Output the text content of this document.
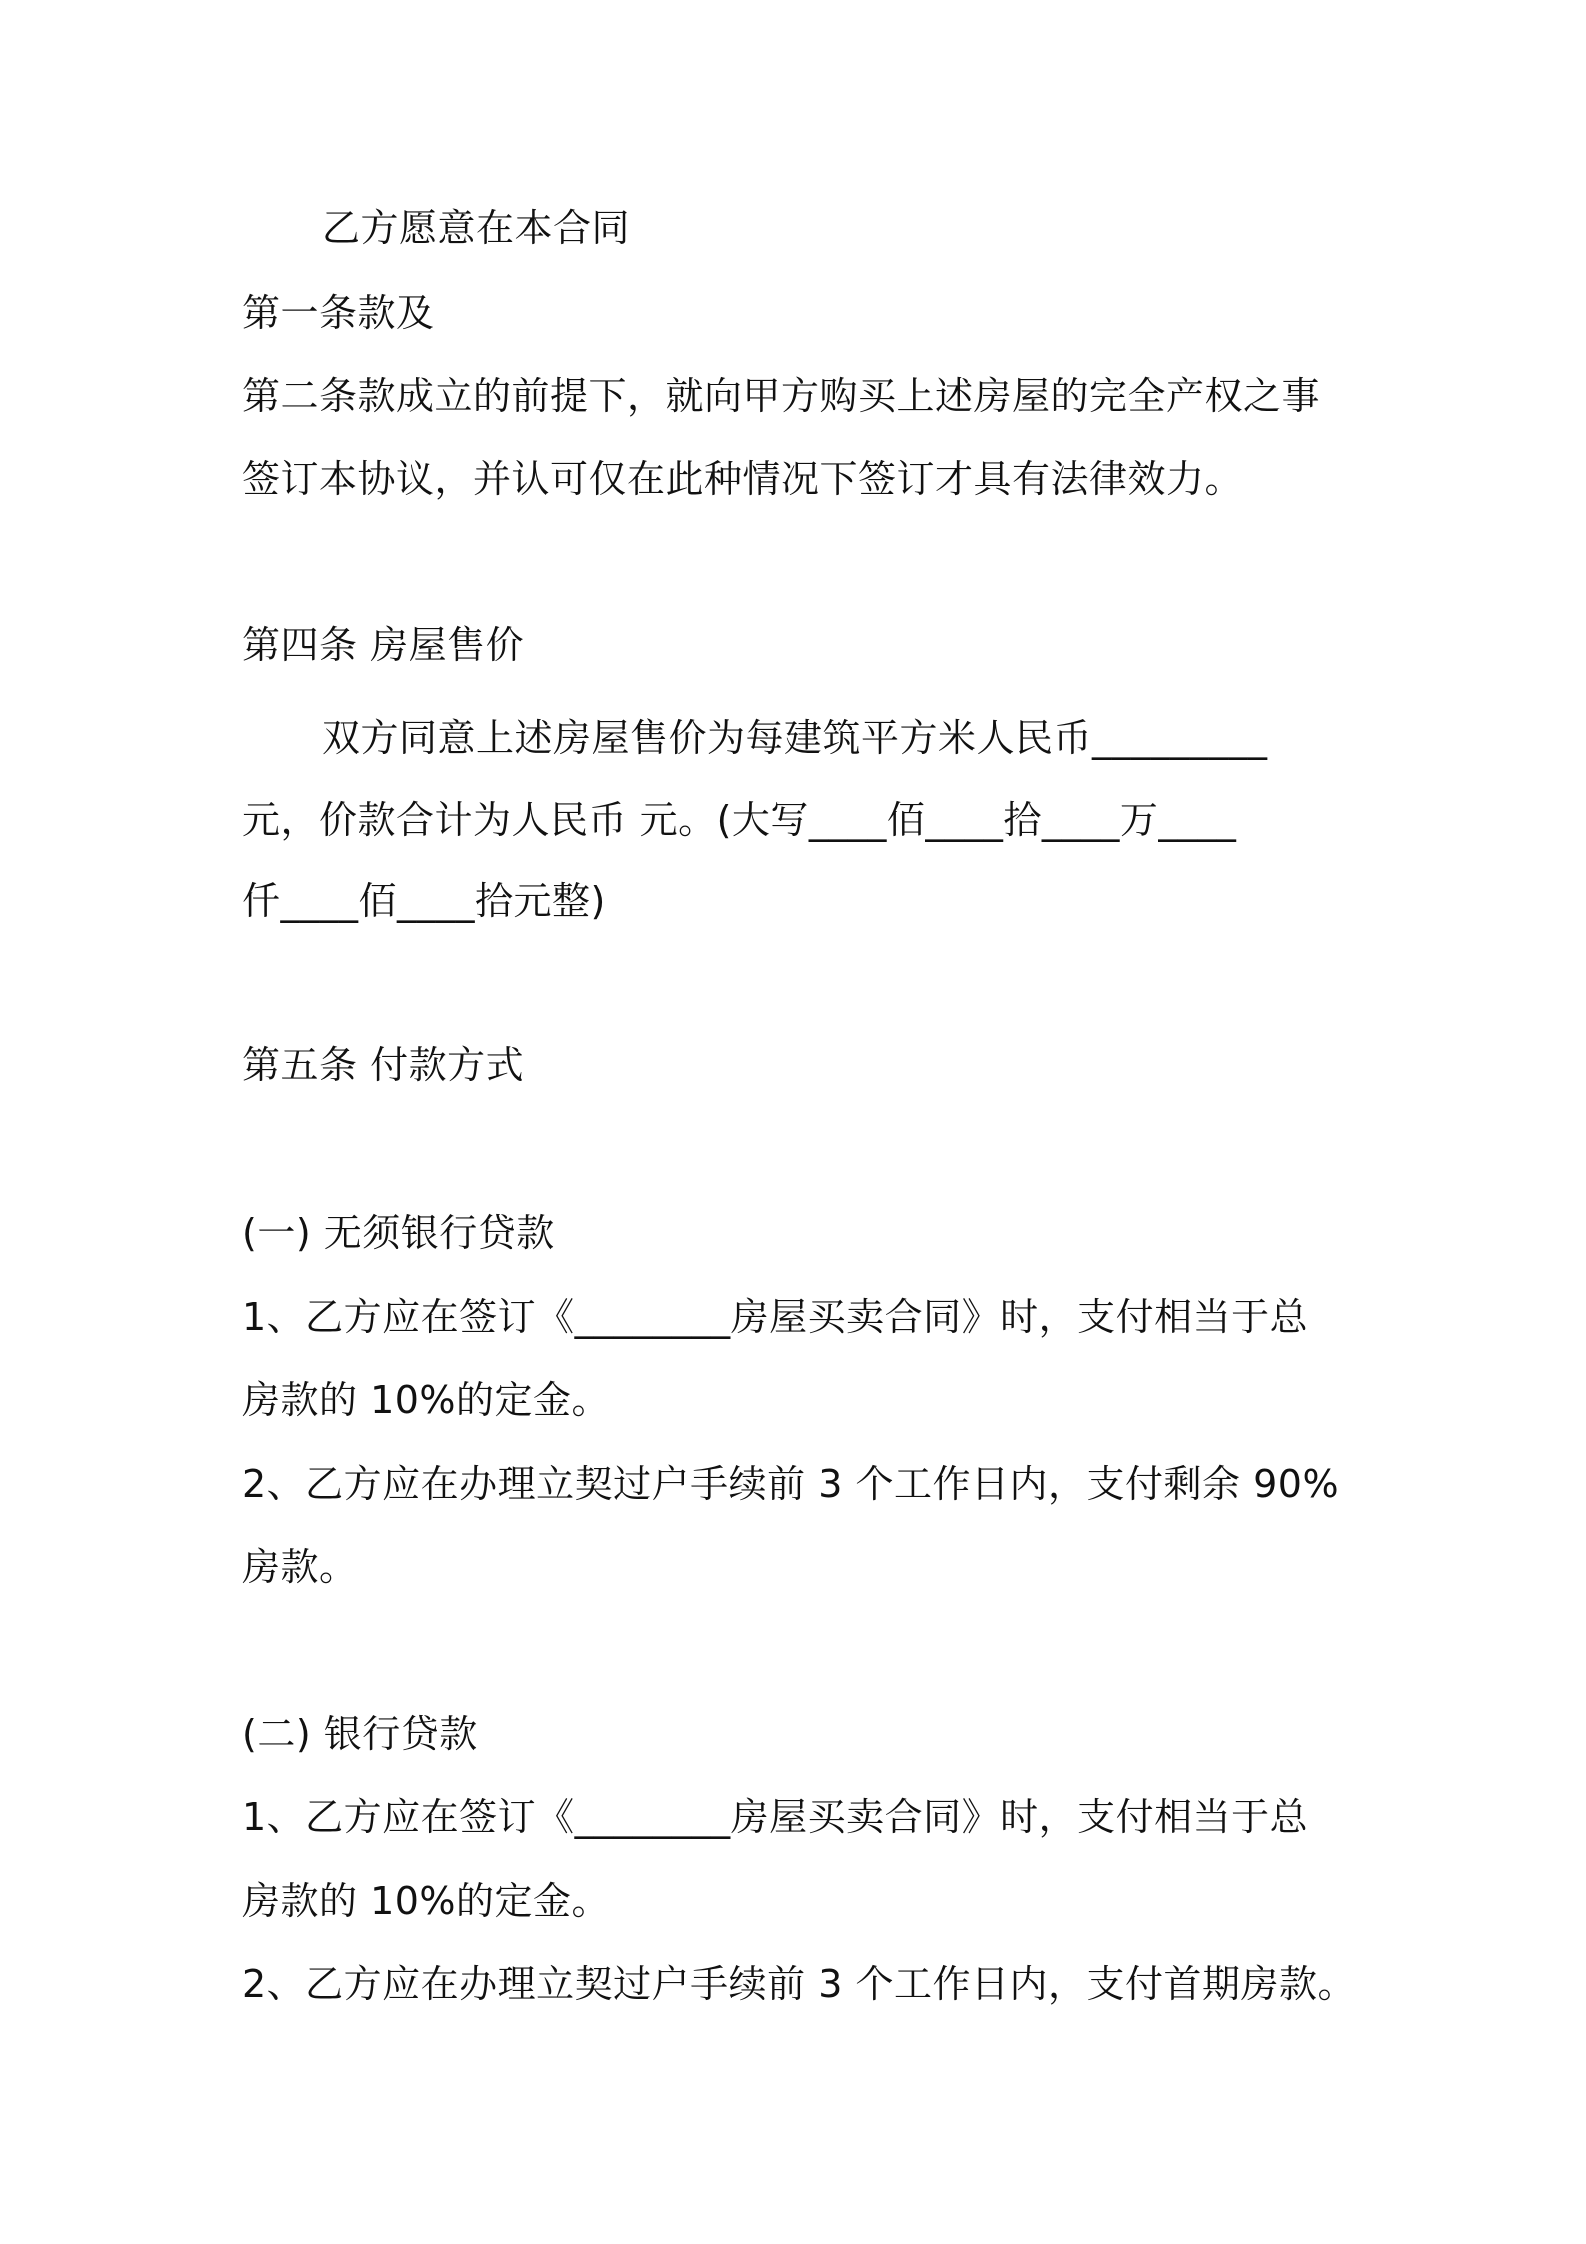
乙方愿意在本合同
第一条款及
第二条款成立的前提下，就向甲方购买上述房屋的完全产权之事
签订本协议，并认可仅在此种情况下签订才具有法律效力。
第四条 房屋售价
双方同意上述房屋售价为每建筑平方米人民币_________
元，价款合计为人民币 元。(大写____佰____拾____万____
仟____佰____拾元整)
第五条 付款方式
(一) 无须银行贷款
1、乙方应在签订《________房屋买卖合同》时，支付相当于总
房款的 10%的定金。
2、乙方应在办理立契过户手续前 3 个工作日内，支付剩余 90%
房款。
(二) 银行贷款
1、乙方应在签订《________房屋买卖合同》时，支付相当于总
房款的 10%的定金。
2、乙方应在办理立契过户手续前 3 个工作日内，支付首期房款。
